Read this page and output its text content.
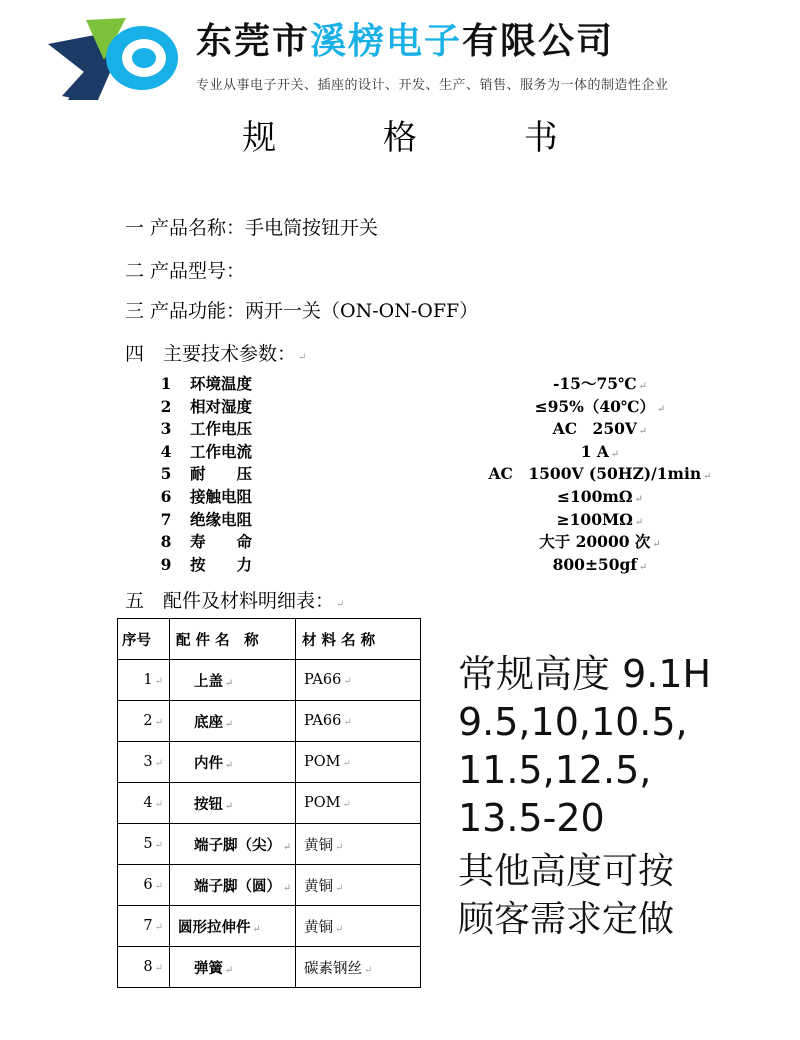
东莞市溪榜电子有限公司
专业从事电子开关、插座的设计、开发、生产、销售、服务为一体的制造性企业
规 格 书
一 产品名称：手电筒按钮开关
二 产品型号：
三 产品功能：两开一关（ON-ON-OFF）
四　主要技术参数： ↵
1 环境温度	-15～75℃ ↵
2 相对湿度	≤95%（40℃） ↵
3 工作电压	AC　250V ↵
4 工作电流	1 A ↵
5 耐　　压	AC　1500V (50HZ)/1min ↵
6 接触电阻	≤100mΩ ↵
7 绝缘电阻	≥100MΩ ↵
8 寿　　命	大于 20000 次 ↵
9 按　　力	800±50gf ↵
五　配件及材料明细表： ↵
序号	配 件 名　称	材 料 名 称
1 ↵	上盖 ↵	PA66 ↵
2 ↵	底座 ↵	PA66 ↵
3 ↵	内件 ↵	POM ↵
4 ↵	按钮 ↵	POM ↵
5 ↵	端子脚（尖） ↵	黄铜 ↵
6 ↵	端子脚（圆） ↵	黄铜 ↵
7 ↵	圆形拉伸件 ↵	黄铜 ↵
8 ↵	弹簧 ↵	碳素钢丝 ↵
常规高度 9.1H
9.5,10,10.5,
11.5,12.5,
13.5-20
其他高度可按
顾客需求定做
